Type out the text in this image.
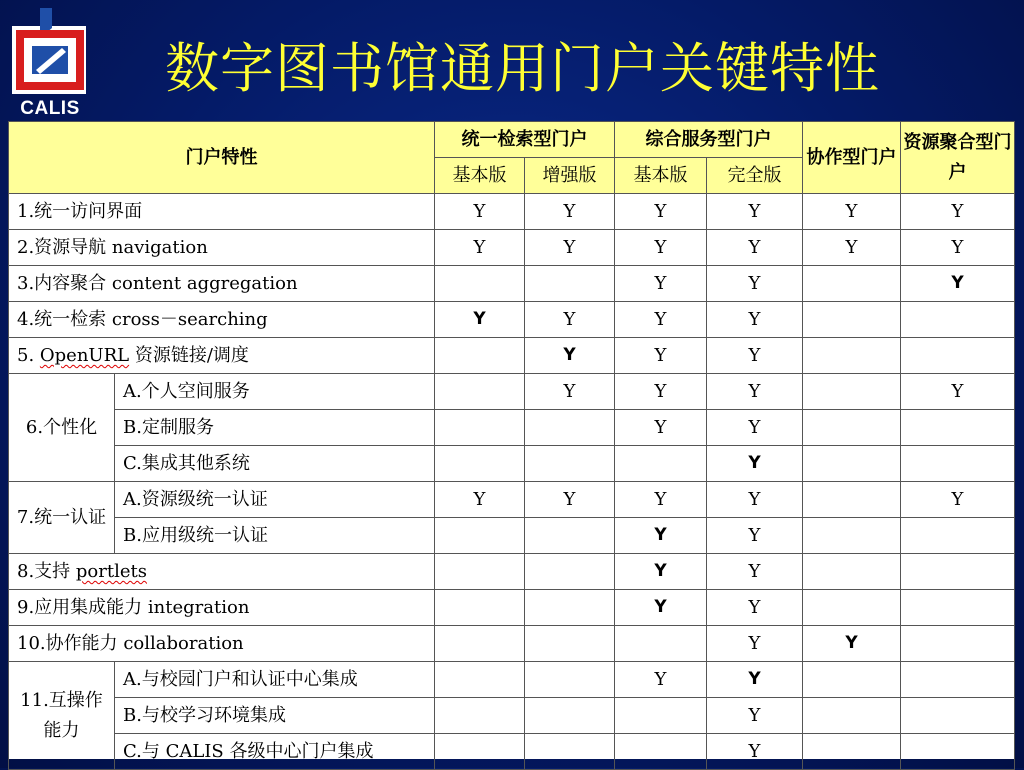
CALIS
数字图书馆通用门户关键特性
门户特性		统一检索型门户		综合服务型门户		协作型门户	资源聚合型门户
		基本版	增强版	基本版	完全版		
1.统一访问界面		Y	Y	Y	Y	Y	Y
2.资源导航 navigation		Y	Y	Y	Y	Y	Y
3.内容聚合 content aggregation				Y	Y		Y
4.统一检索 cross－searching		Y	Y	Y	Y		
5. OpenURL 资源链接/调度			Y	Y	Y		
6.个性化	A.个人空间服务		Y	Y	Y		Y
	B.定制服务			Y	Y		
	C.集成其他系统				Y		
7.统一认证	A.资源级统一认证	Y	Y	Y	Y		Y
	B.应用级统一认证			Y	Y		
8.支持 portlets				Y	Y		
9.应用集成能力 integration				Y	Y		
10.协作能力 collaboration					Y	Y	
11.互操作能力	A.与校园门户和认证中心集成			Y	Y		
	B.与校学习环境集成				Y		
	C.与 CALIS 各级中心门户集成				Y		
